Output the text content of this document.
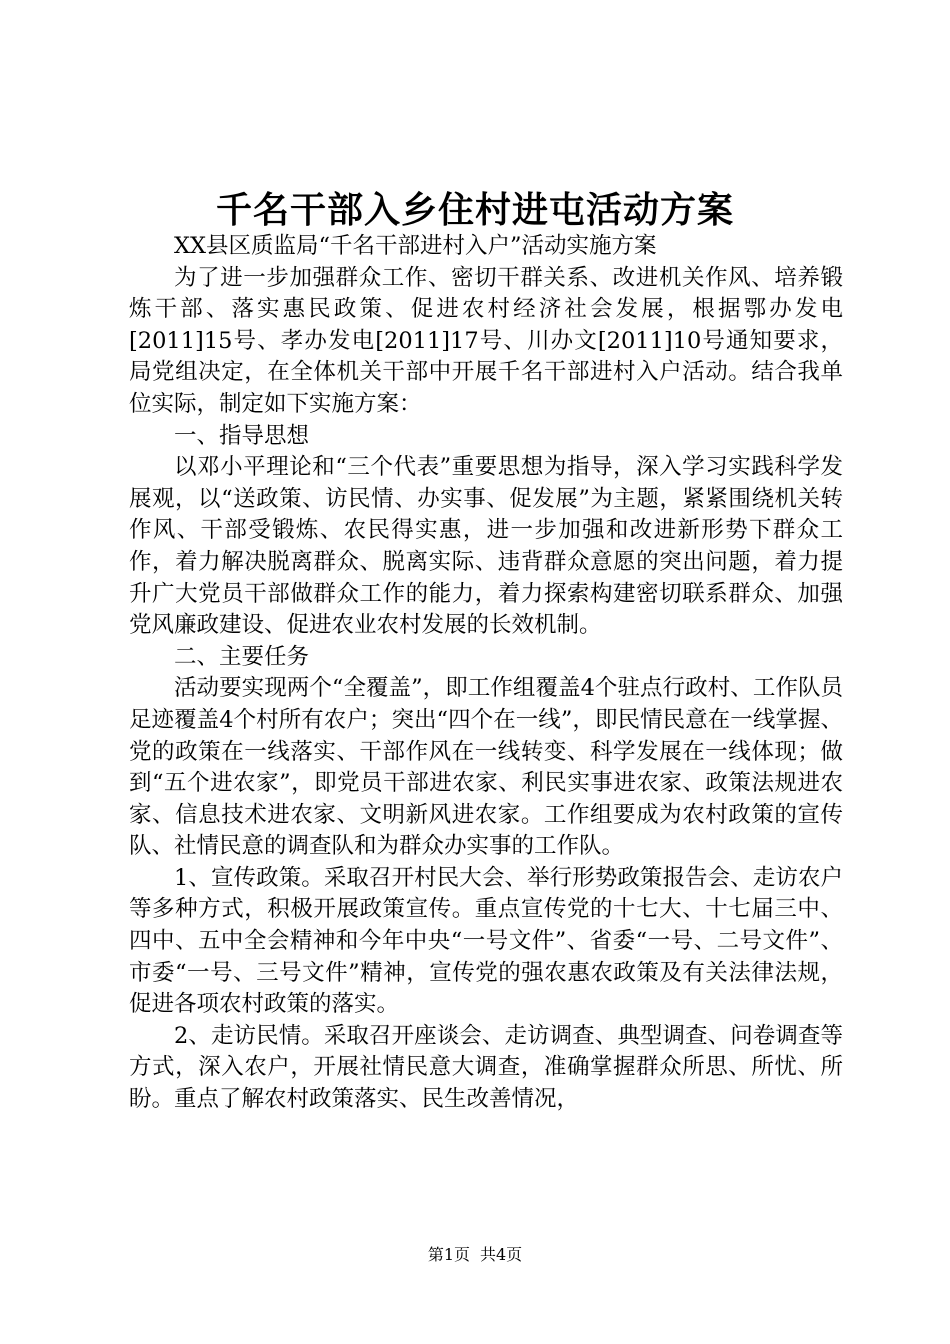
千名干部入乡住村进屯活动方案

XX县区质监局“千名干部进村入户”活动实施方案

为了进一步加强群众工作、密切干群关系、改进机关作风、培养锻炼干部、落实惠民政策、促进农村经济社会发展，根据鄂办发电[2011]15号、孝办发电[2011]17号、川办文[2011]10号通知要求，局党组决定，在全体机关干部中开展千名干部进村入户活动。结合我单位实际，制定如下实施方案：

一、指导思想

以邓小平理论和“三个代表”重要思想为指导，深入学习实践科学发展观，以“送政策、访民情、办实事、促发展”为主题，紧紧围绕机关转作风、干部受锻炼、农民得实惠，进一步加强和改进新形势下群众工作，着力解决脱离群众、脱离实际、违背群众意愿的突出问题，着力提升广大党员干部做群众工作的能力，着力探索构建密切联系群众、加强党风廉政建设、促进农业农村发展的长效机制。

二、主要任务

活动要实现两个“全覆盖”，即工作组覆盖4个驻点行政村、工作队员足迹覆盖4个村所有农户；突出“四个在一线”，即民情民意在一线掌握、党的政策在一线落实、干部作风在一线转变、科学发展在一线体现；做到“五个进农家”，即党员干部进农家、利民实事进农家、政策法规进农家、信息技术进农家、文明新风进农家。工作组要成为农村政策的宣传队、社情民意的调查队和为群众办实事的工作队。

1、宣传政策。采取召开村民大会、举行形势政策报告会、走访农户等多种方式，积极开展政策宣传。重点宣传党的十七大、十七届三中、四中、五中全会精神和今年中央“一号文件”、省委“一号、二号文件”、市委“一号、三号文件”精神，宣传党的强农惠农政策及有关法律法规，促进各项农村政策的落实。

2、走访民情。采取召开座谈会、走访调查、典型调查、问卷调查等方式，深入农户，开展社情民意大调查，准确掌握群众所思、所忧、所盼。重点了解农村政策落实、民生改善情况，

第1页 共4页
